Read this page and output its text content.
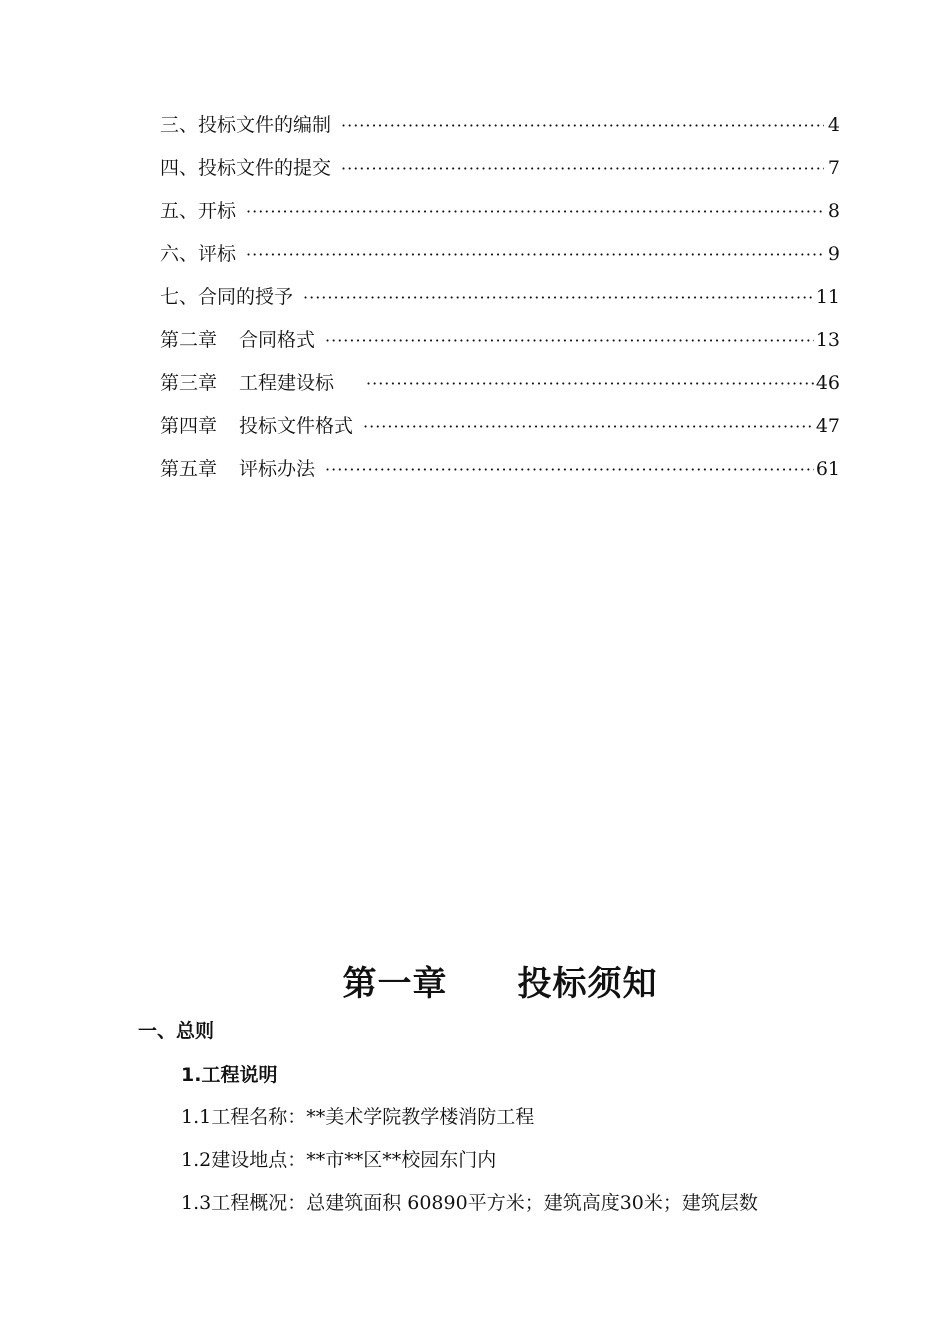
三、投标文件的编制 ·····	4
四、投标文件的提交 ·····	7
五、开标 ·····	8
六、评标 ·····	9
七、合同的授予 ·····	11
第二章 合同格式 ·····	13
第三章 工程建设标 ·····	46
第四章 投标文件格式 ·····	47
第五章 评标办法 ·····	61
第一章 投标须知
一、总则
1.工程说明
1.1工程名称：**美术学院教学楼消防工程
1.2建设地点：**市**区**校园东门内
1.3工程概况：总建筑面积 60890平方米；建筑高度30米；建筑层数
